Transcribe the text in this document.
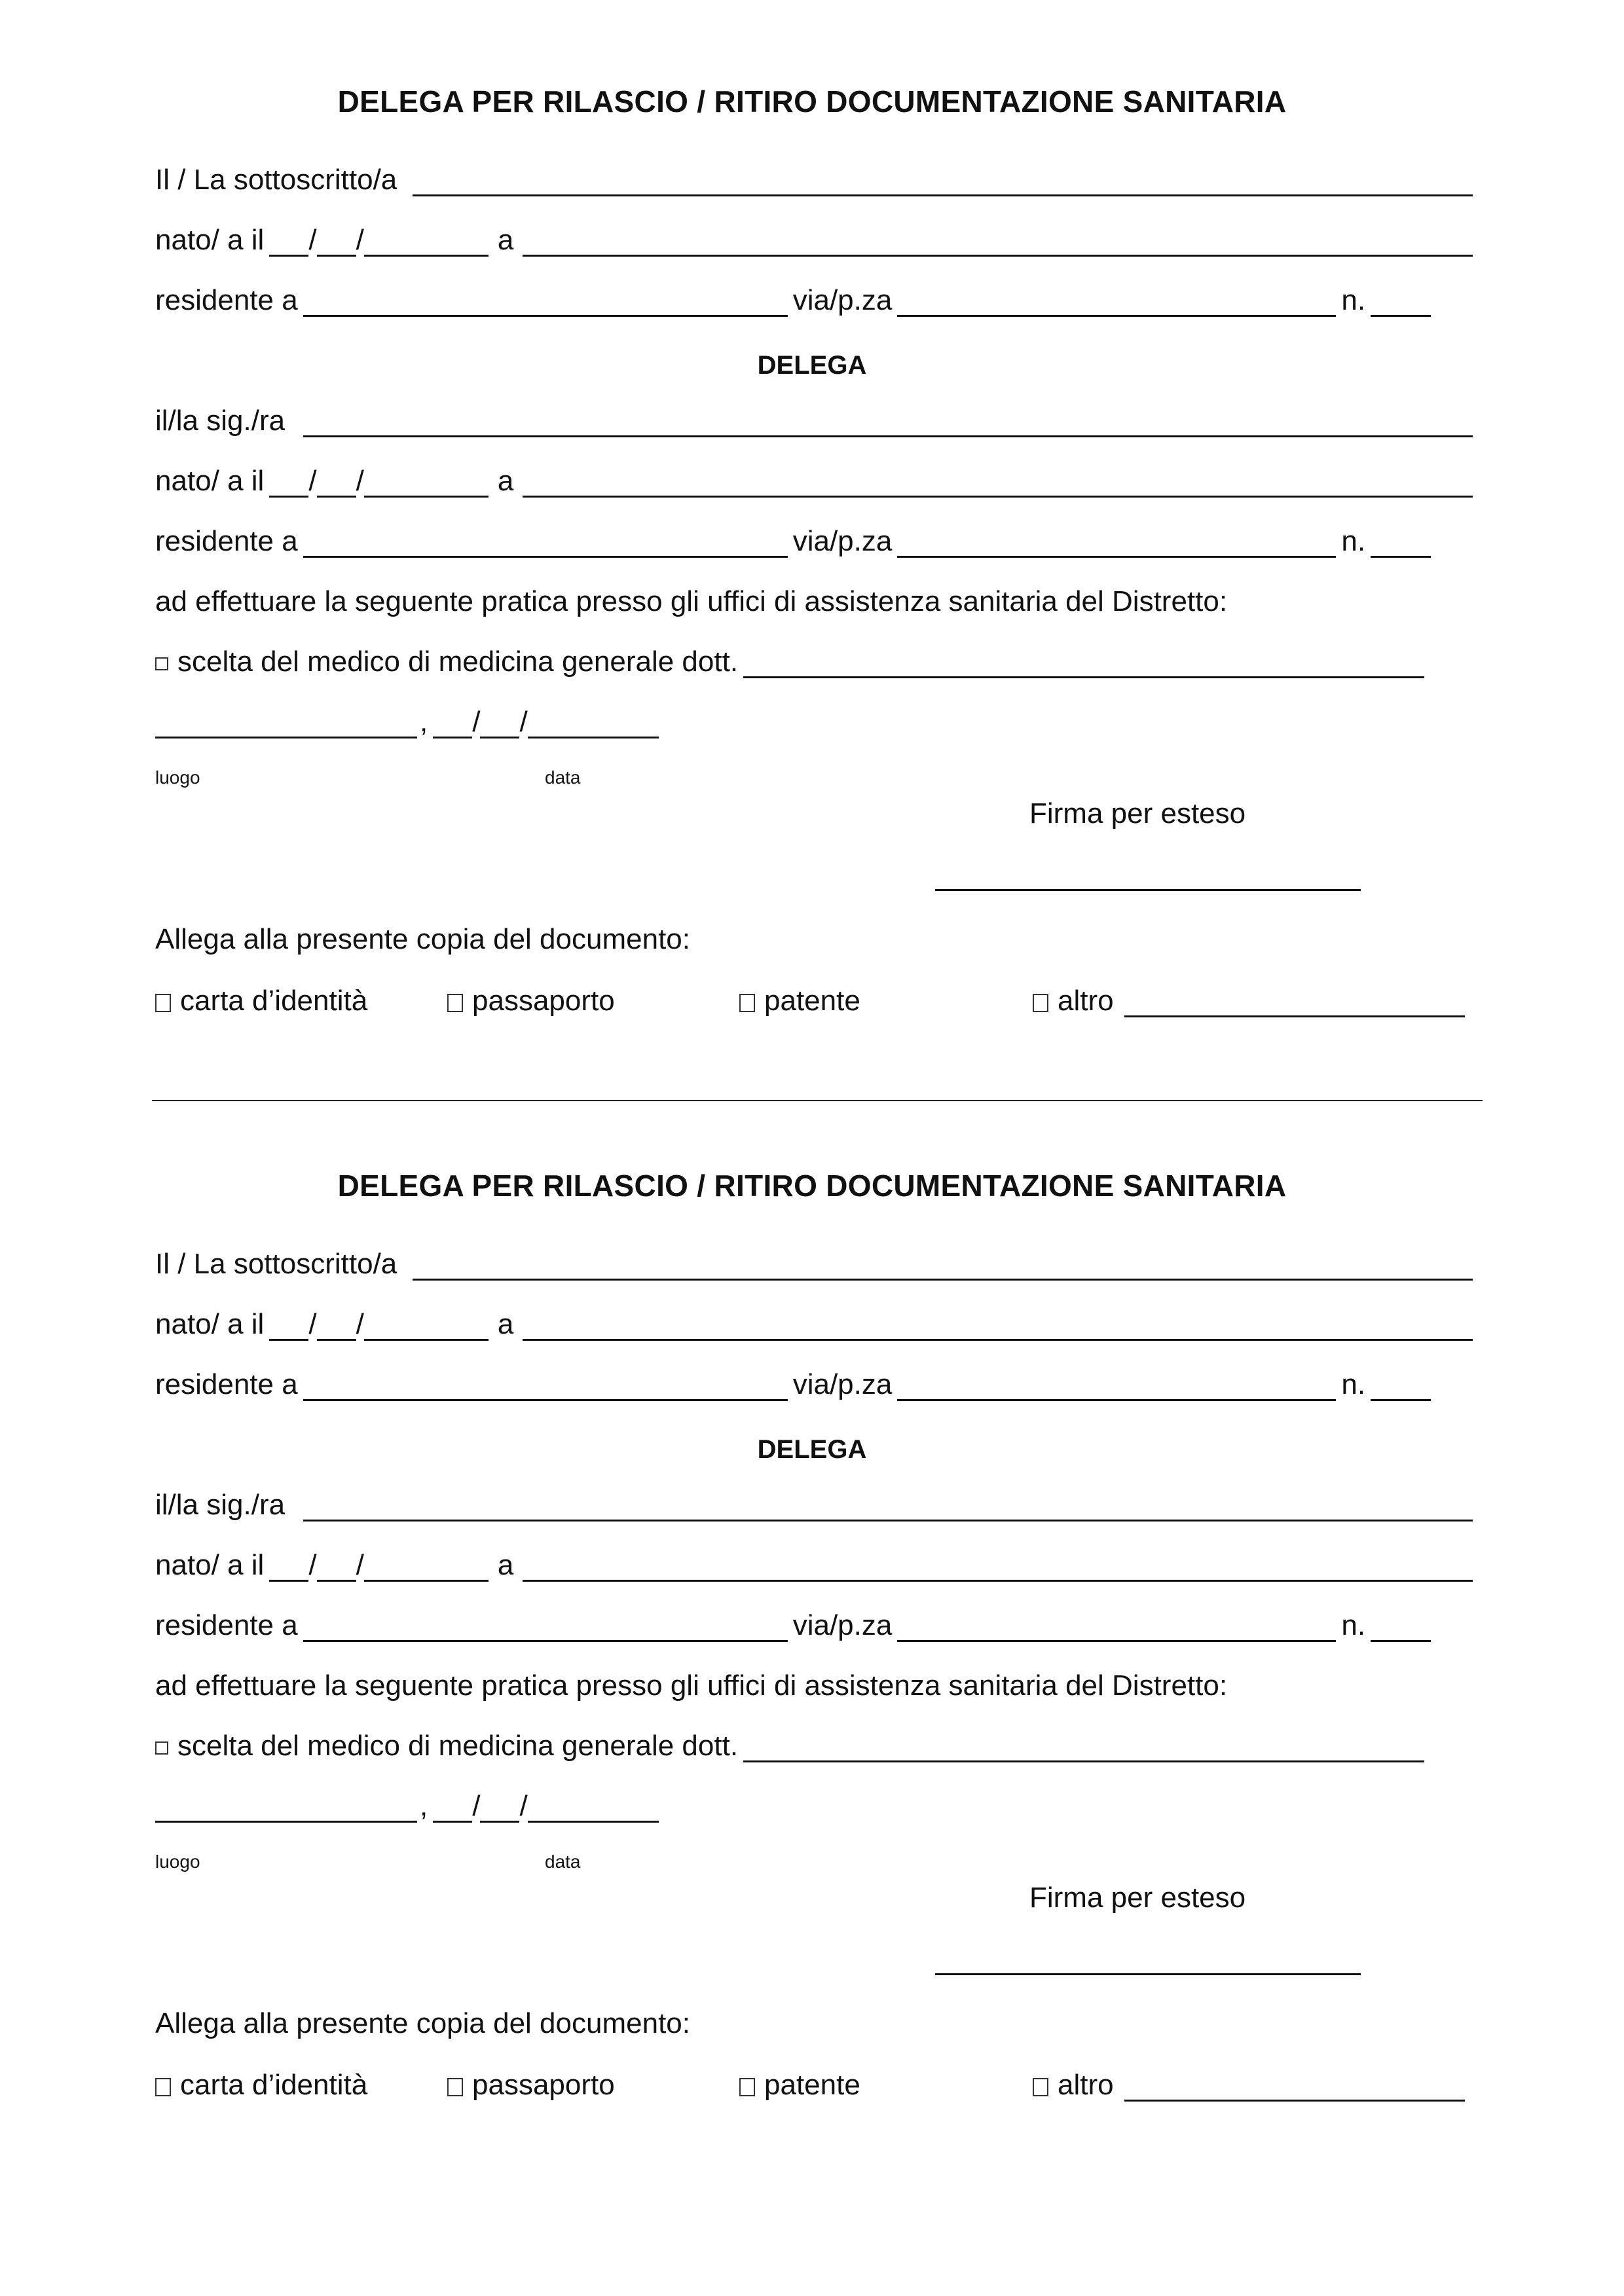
DELEGA PER RILASCIO / RITIRO DOCUMENTAZIONE SANITARIA
Il / La sottoscritto/a
nato/ a il /
/	a
residente a	via/p.za	n.
DELEGA
il/la sig./ra
nato/ a il /
/	a
residente a	via/p.za	n.
ad effettuare la seguente pratica presso gli uffici di assistenza sanitaria del Distretto:
scelta del medico di medicina generale dott.
,
/
/
luogo	data
Firma per esteso
Allega alla presente copia del documento:
carta d’identità	passaporto	patente	altro
DELEGA PER RILASCIO / RITIRO DOCUMENTAZIONE SANITARIA
Il / La sottoscritto/a
nato/ a il /
/	a
residente a	via/p.za	n.
DELEGA
il/la sig./ra
nato/ a il /
/	a
residente a	via/p.za	n.
ad effettuare la seguente pratica presso gli uffici di assistenza sanitaria del Distretto:
scelta del medico di medicina generale dott.
,
/
/
luogo	data
Firma per esteso
Allega alla presente copia del documento:
carta d’identità	passaporto	patente	altro
